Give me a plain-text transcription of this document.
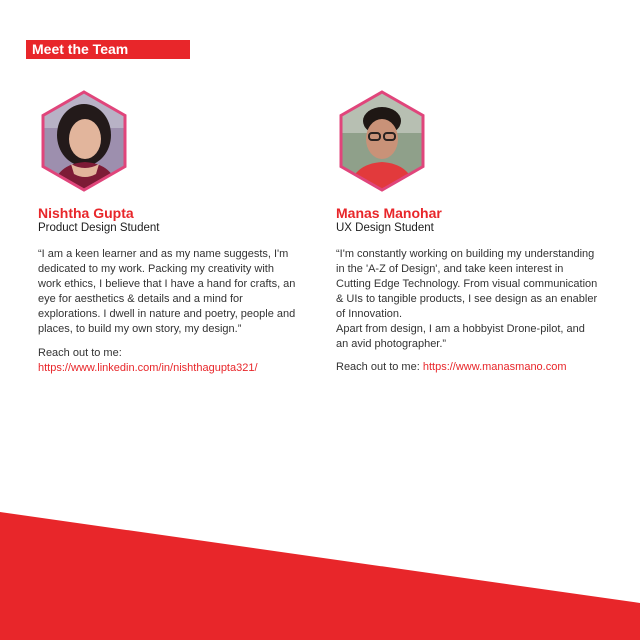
Meet the Team
Nishtha Gupta
Product Design Student

“I am a keen learner and as my name suggests, I'm dedicated to my work. Packing my creativity with work ethics, I believe that I have a hand for crafts, an eye for aesthetics & details and a mind for explorations. I dwell in nature and poetry, people and places, to build my own story, my design.”

Reach out to me:
https://www.linkedin.com/in/nishthagupta321/
Manas Manohar
UX Design Student

“I'm constantly working on building my understanding in the 'A-Z of Design', and take keen interest in Cutting Edge Technology. From visual communication & UIs to tangible products, I see design as an enabler of Innovation.

Apart from design, I am a hobbyist Drone-pilot, and an avid photographer.”

Reach out to me: https://www.manasmano.com
